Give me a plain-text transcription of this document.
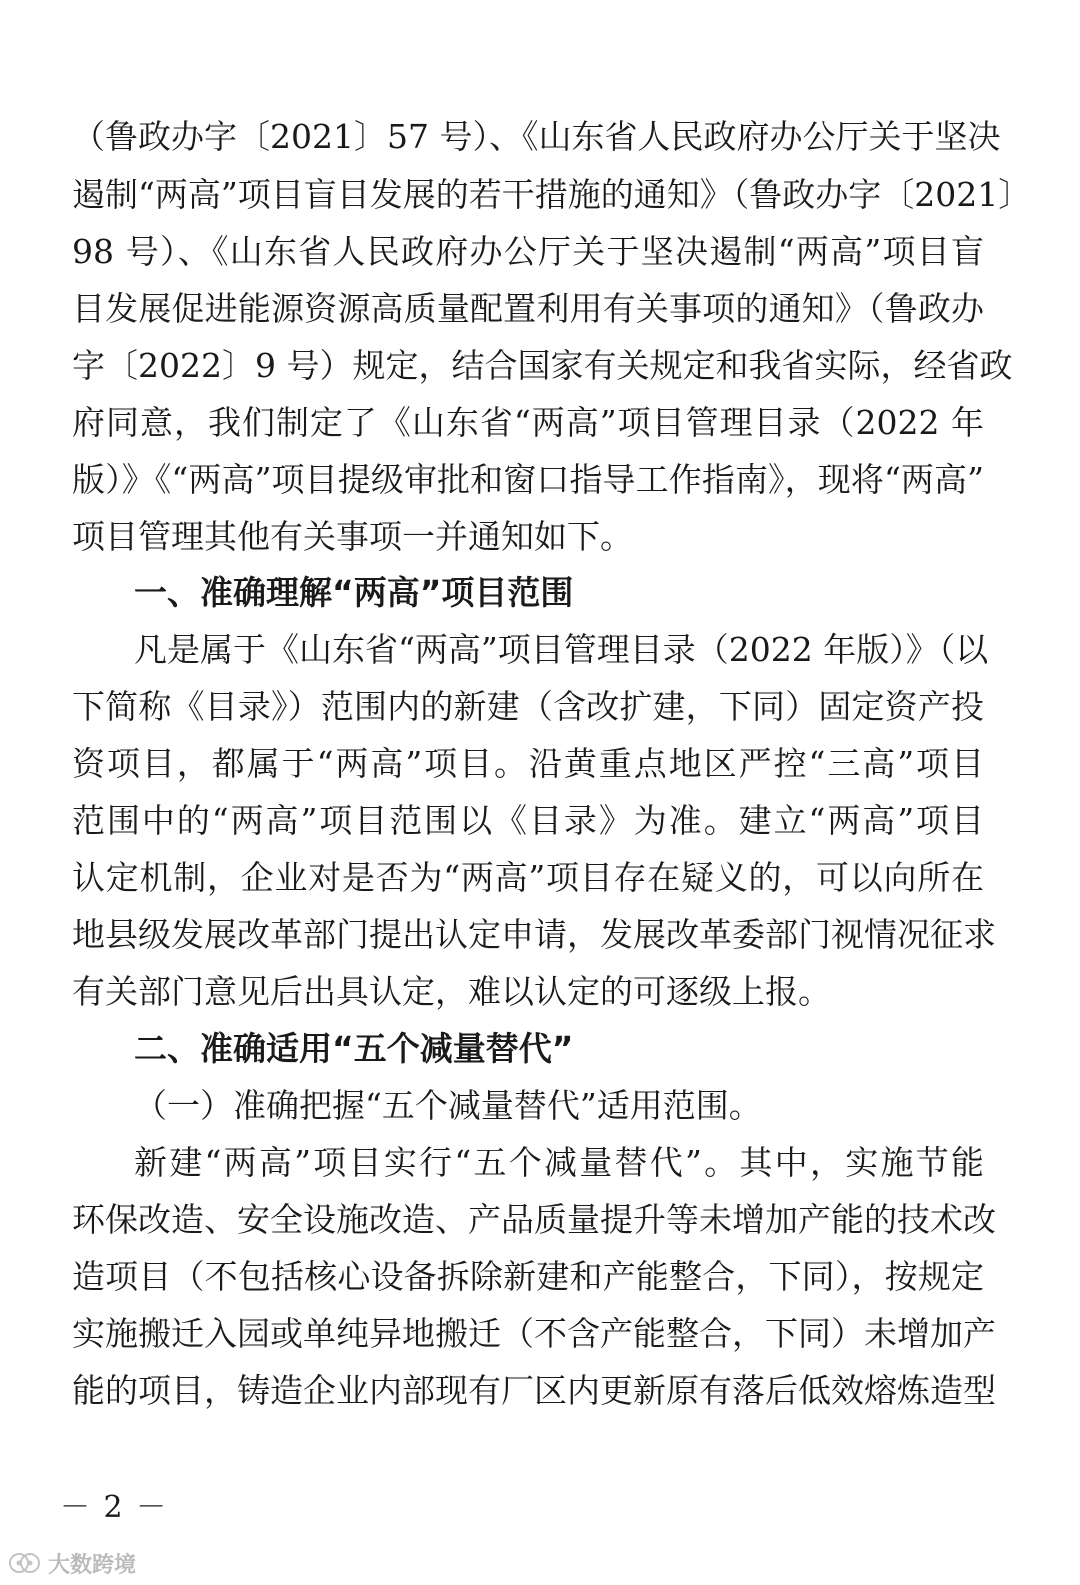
（鲁政办字〔2021〕57 号）、《山东省人民政府办公厅关于坚决
遏制“两高”项目盲目发展的若干措施的通知》（鲁政办字〔2021〕
98 号）、《山东省人民政府办公厅关于坚决遏制“两高”项目盲
目发展促进能源资源高质量配置利用有关事项的通知》（鲁政办
字〔2022〕9 号）规定，结合国家有关规定和我省实际，经省政
府同意，我们制定了《山东省“两高”项目管理目录（2022 年
版）》《“两高”项目提级审批和窗口指导工作指南》，现将“两高”
项目管理其他有关事项一并通知如下。
一、准确理解“两高”项目范围
凡是属于《山东省“两高”项目管理目录（2022 年版）》（以
下简称《目录》）范围内的新建（含改扩建，下同）固定资产投
资项目，都属于“两高”项目。沿黄重点地区严控“三高”项目
范围中的“两高”项目范围以《目录》为准。建立“两高”项目
认定机制，企业对是否为“两高”项目存在疑义的，可以向所在
地县级发展改革部门提出认定申请，发展改革委部门视情况征求
有关部门意见后出具认定，难以认定的可逐级上报。
二、准确适用“五个减量替代”
（一）准确把握“五个减量替代”适用范围。
新建“两高”项目实行“五个减量替代”。其中，实施节能
环保改造、安全设施改造、产品质量提升等未增加产能的技术改
造项目（不包括核心设备拆除新建和产能整合，下同），按规定
实施搬迁入园或单纯异地搬迁（不含产能整合，下同）未增加产
能的项目，铸造企业内部现有厂区内更新原有落后低效熔炼造型
－ 2 －
大数跨境
